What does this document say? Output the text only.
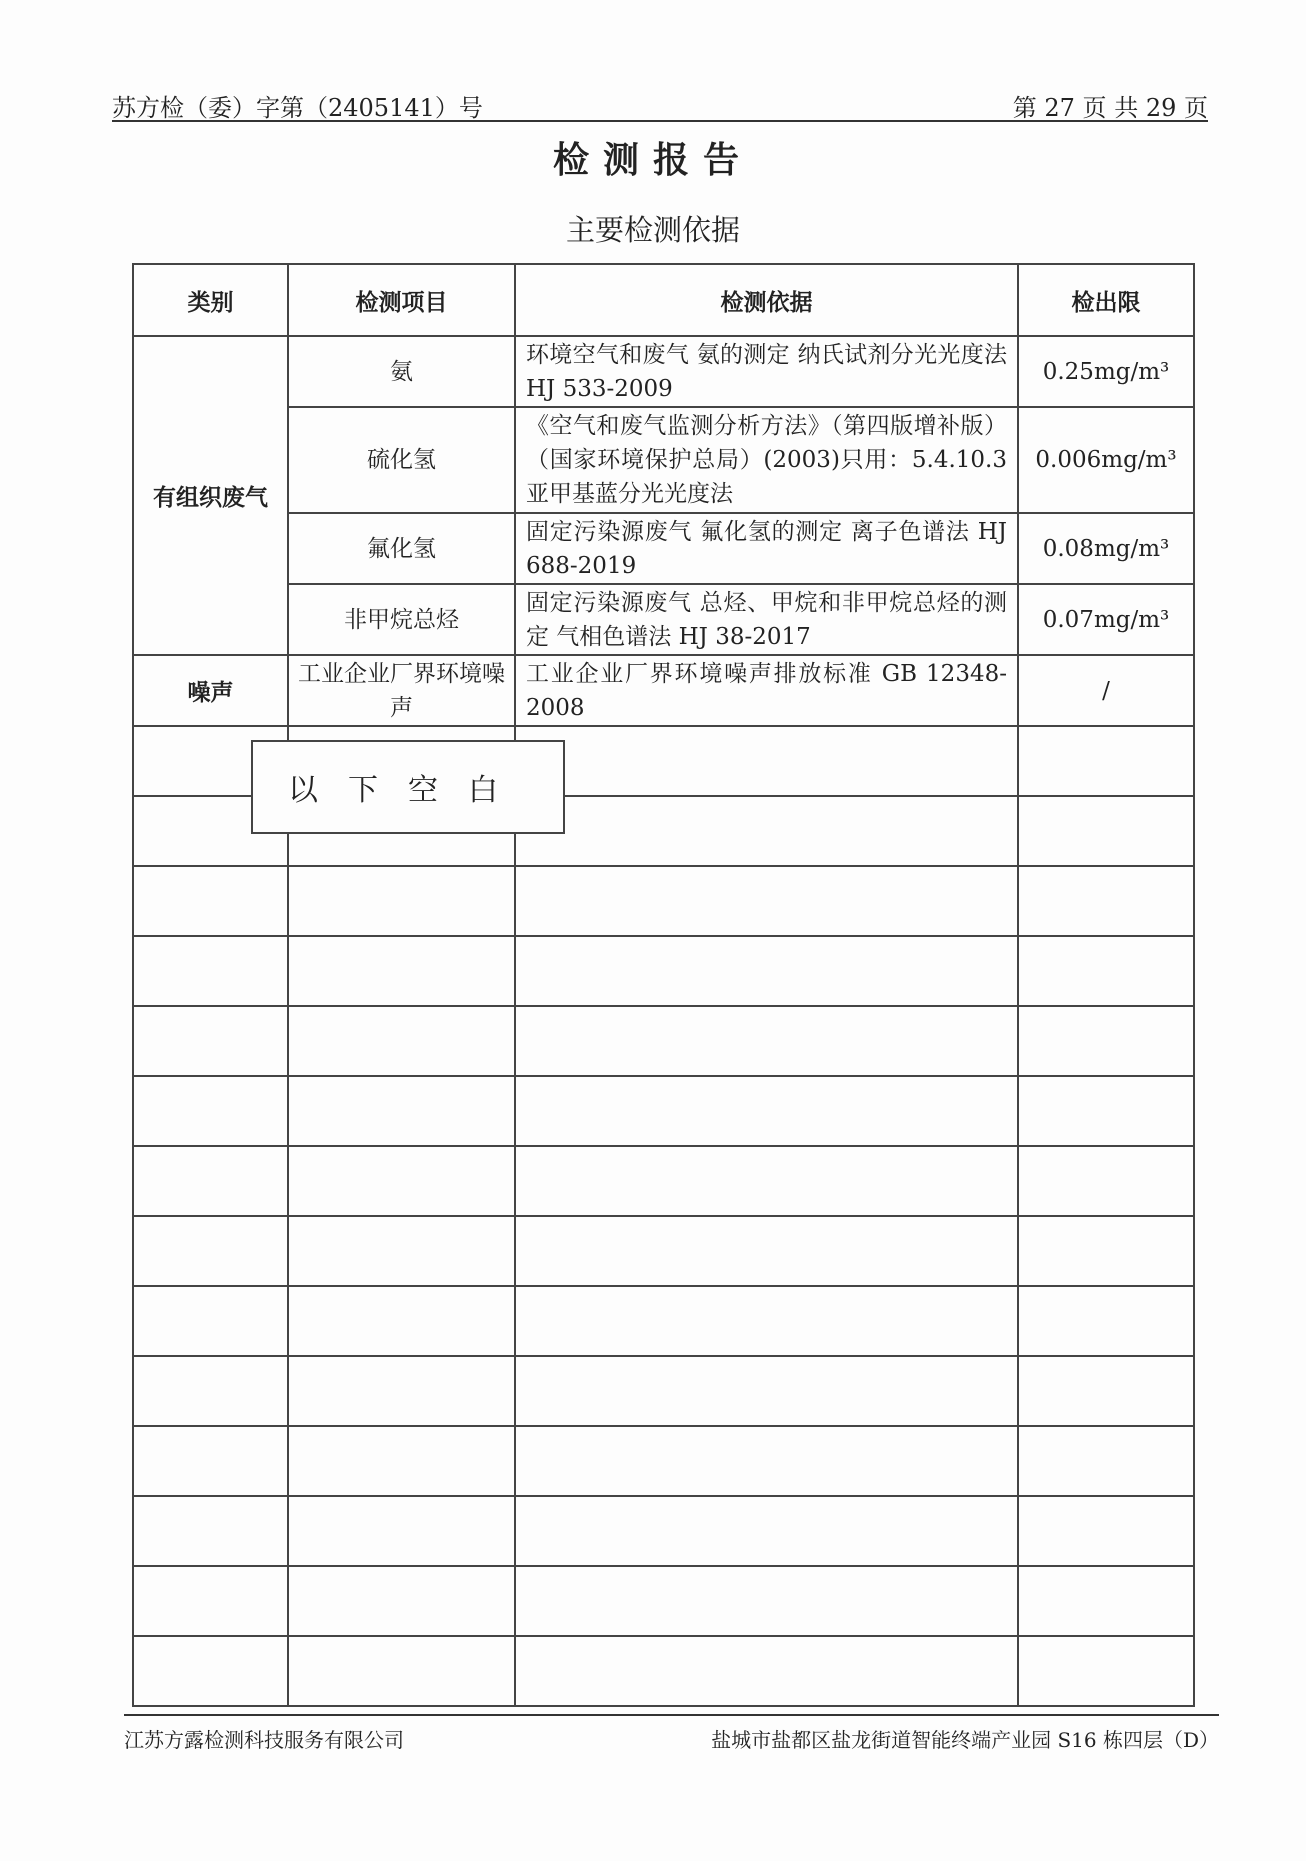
苏方检（委）字第（2405141）号	第 27 页 共 29 页
检测报告
主要检测依据
类别	检测项目	检测依据	检出限
有组织废气	氨	环境空气和废气 氨的测定 纳氏试剂分光光度法 HJ 533-2009	0.25mg/m³
	硫化氢	《空气和废气监测分析方法》（第四版增补版）（国家环境保护总局）(2003)只用：5.4.10.3 亚甲基蓝分光光度法	0.006mg/m³
	氟化氢	固定污染源废气 氟化氢的测定 离子色谱法 HJ 688-2019	0.08mg/m³
	非甲烷总烃	固定污染源废气 总烃、甲烷和非甲烷总烃的测定 气相色谱法 HJ 38-2017	0.07mg/m³
噪声	工业企业厂界环境噪声	工业企业厂界环境噪声排放标准 GB 12348-2008	/

以下空白
江苏方露检测科技服务有限公司	盐城市盐都区盐龙街道智能终端产业园 S16 栋四层（D）
